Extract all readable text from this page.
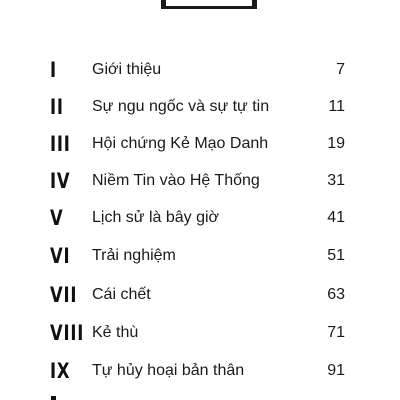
I Giới thiệu	7
II Sự ngu ngốc và sự tự tin	11
III Hội chứng Kẻ Mạo Danh	19
IV Niềm Tin vào Hệ Thống	31
V Lịch sử là bây giờ	41
VI Trải nghiệm	51
VII Cái chết	63
VIII Kẻ thù	71
IX Tự hủy hoại bản thân	91
